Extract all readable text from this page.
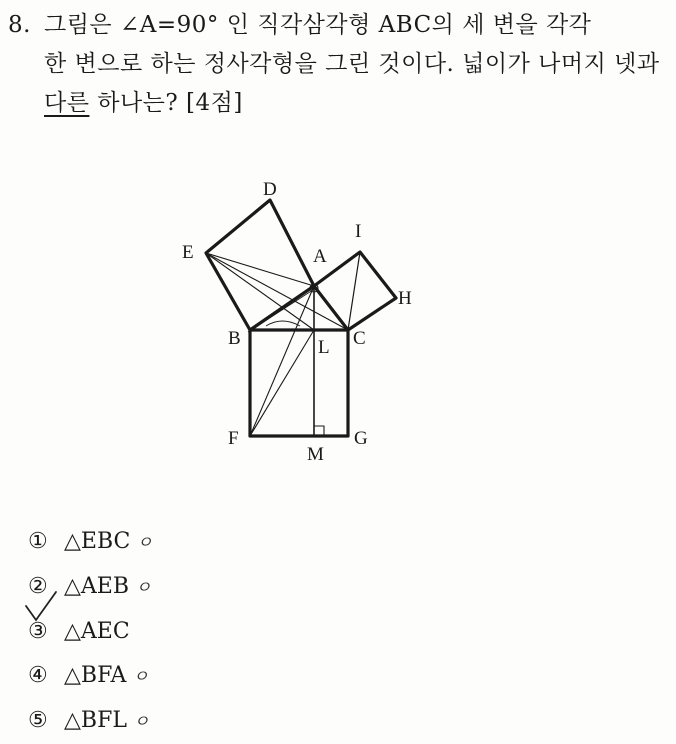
8. 그림은 ∠A=90° 인 직각삼각형 ABC의 세 변을 각각
한 변으로 하는 정사각형을 그린 것이다. 넓이가 나머지 넷과
다른 하나는? [4점]
D
E	A
I
H
B	L C
F
M
G
① △EBC ㅇ
② △AEB ㅇ
③ △AEC
④ △BFA ㅇ
⑤ △BFL ㅇ
